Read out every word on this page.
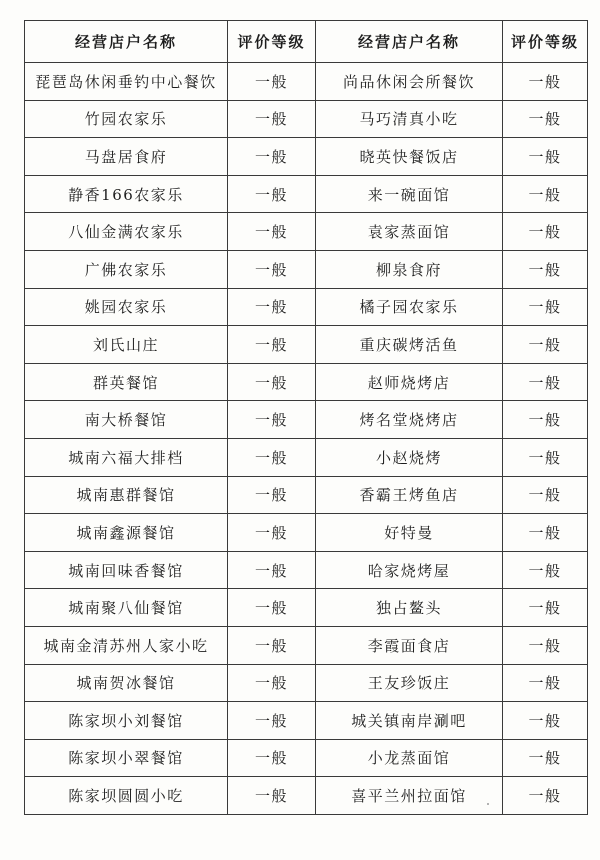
经营店户名称	评价等级	经营店户名称	评价等级
琵琶岛休闲垂钓中心餐饮	一般	尚品休闲会所餐饮	一般
竹园农家乐	一般	马巧清真小吃	一般
马盘居食府	一般	晓英快餐饭店	一般
静香166农家乐	一般	来一碗面馆	一般
八仙金满农家乐	一般	袁家蒸面馆	一般
广佛农家乐	一般	柳泉食府	一般
姚园农家乐	一般	橘子园农家乐	一般
刘氏山庄	一般	重庆碳烤活鱼	一般
群英餐馆	一般	赵师烧烤店	一般
南大桥餐馆	一般	烤名堂烧烤店	一般
城南六福大排档	一般	小赵烧烤	一般
城南惠群餐馆	一般	香霸王烤鱼店	一般
城南鑫源餐馆	一般	好特曼	一般
城南回味香餐馆	一般	哈家烧烤屋	一般
城南聚八仙餐馆	一般	独占鳌头	一般
城南金清苏州人家小吃	一般	李霞面食店	一般
城南贺冰餐馆	一般	王友珍饭庄	一般
陈家坝小刘餐馆	一般	城关镇南岸涮吧	一般
陈家坝小翠餐馆	一般	小龙蒸面馆	一般
陈家坝圆圆小吃	一般	喜平兰州拉面馆	一般
